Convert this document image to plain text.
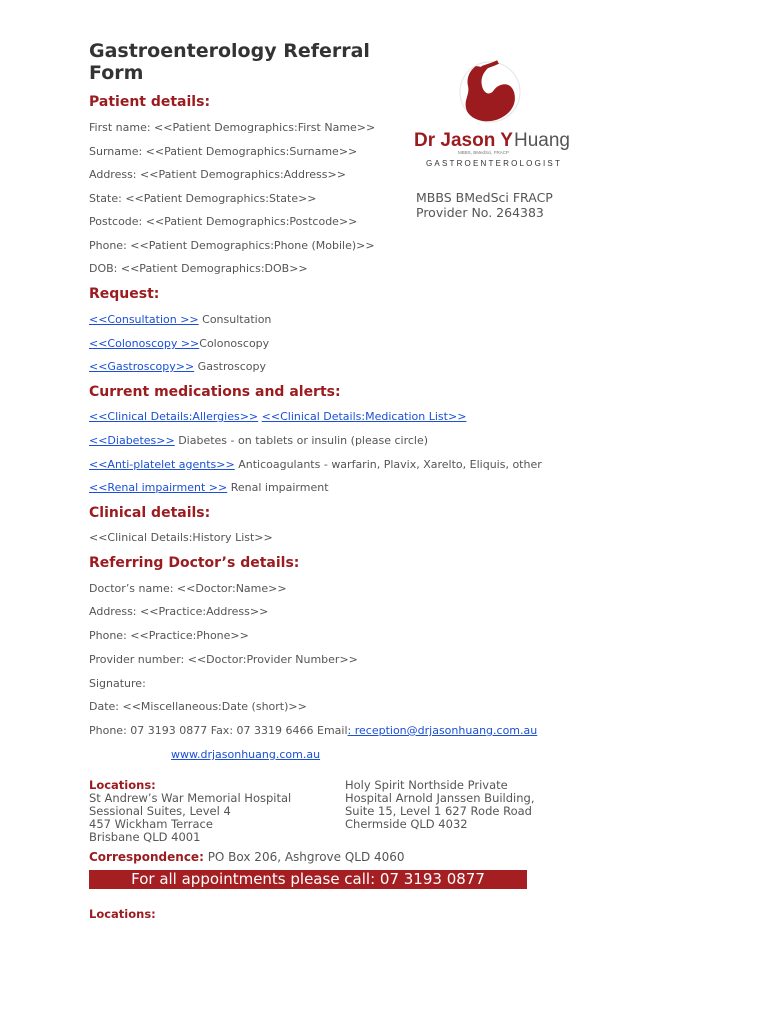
Gastroenterology Referral
Form
Dr Jason Y Huang
MBBS, BMedSci, FRACP
GASTROENTEROLOGIST
MBBS BMedSci FRACP
Provider No. 264383
Patient details:
First name: <<Patient Demographics:First Name>>
Surname: <<Patient Demographics:Surname>>
Address: <<Patient Demographics:Address>>
State: <<Patient Demographics:State>>
Postcode: <<Patient Demographics:Postcode>>
Phone: <<Patient Demographics:Phone (Mobile)>>
DOB: <<Patient Demographics:DOB>>
Request:
<<Consultation >> Consultation
<<Colonoscopy >>Colonoscopy
<<Gastroscopy>> Gastroscopy
Current medications and alerts:
<<Clinical Details:Allergies>> <<Clinical Details:Medication List>>
<<Diabetes>> Diabetes - on tablets or insulin (please circle)
<<Anti-platelet agents>> Anticoagulants - warfarin, Plavix, Xarelto, Eliquis, other
<<Renal impairment >> Renal impairment
Clinical details:
<<Clinical Details:History List>>
Referring Doctor’s details:
Doctor’s name: <<Doctor:Name>>
Address: <<Practice:Address>>
Phone: <<Practice:Phone>>
Provider number: <<Doctor:Provider Number>>
Signature:
Date: <<Miscellaneous:Date (short)>>
Phone: 07 3193 0877 Fax: 07 3319 6466 Email: reception@drjasonhuang.com.au
www.drjasonhuang.com.au
Locations:
St Andrew’s War Memorial Hospital
Sessional Suites, Level 4
457 Wickham Terrace
Brisbane QLD 4001
Holy Spirit Northside Private
Hospital Arnold Janssen Building,
Suite 15, Level 1 627 Rode Road
Chermside QLD 4032
Correspondence: PO Box 206, Ashgrove QLD 4060
For all appointments please call: 07 3193 0877
Locations:
